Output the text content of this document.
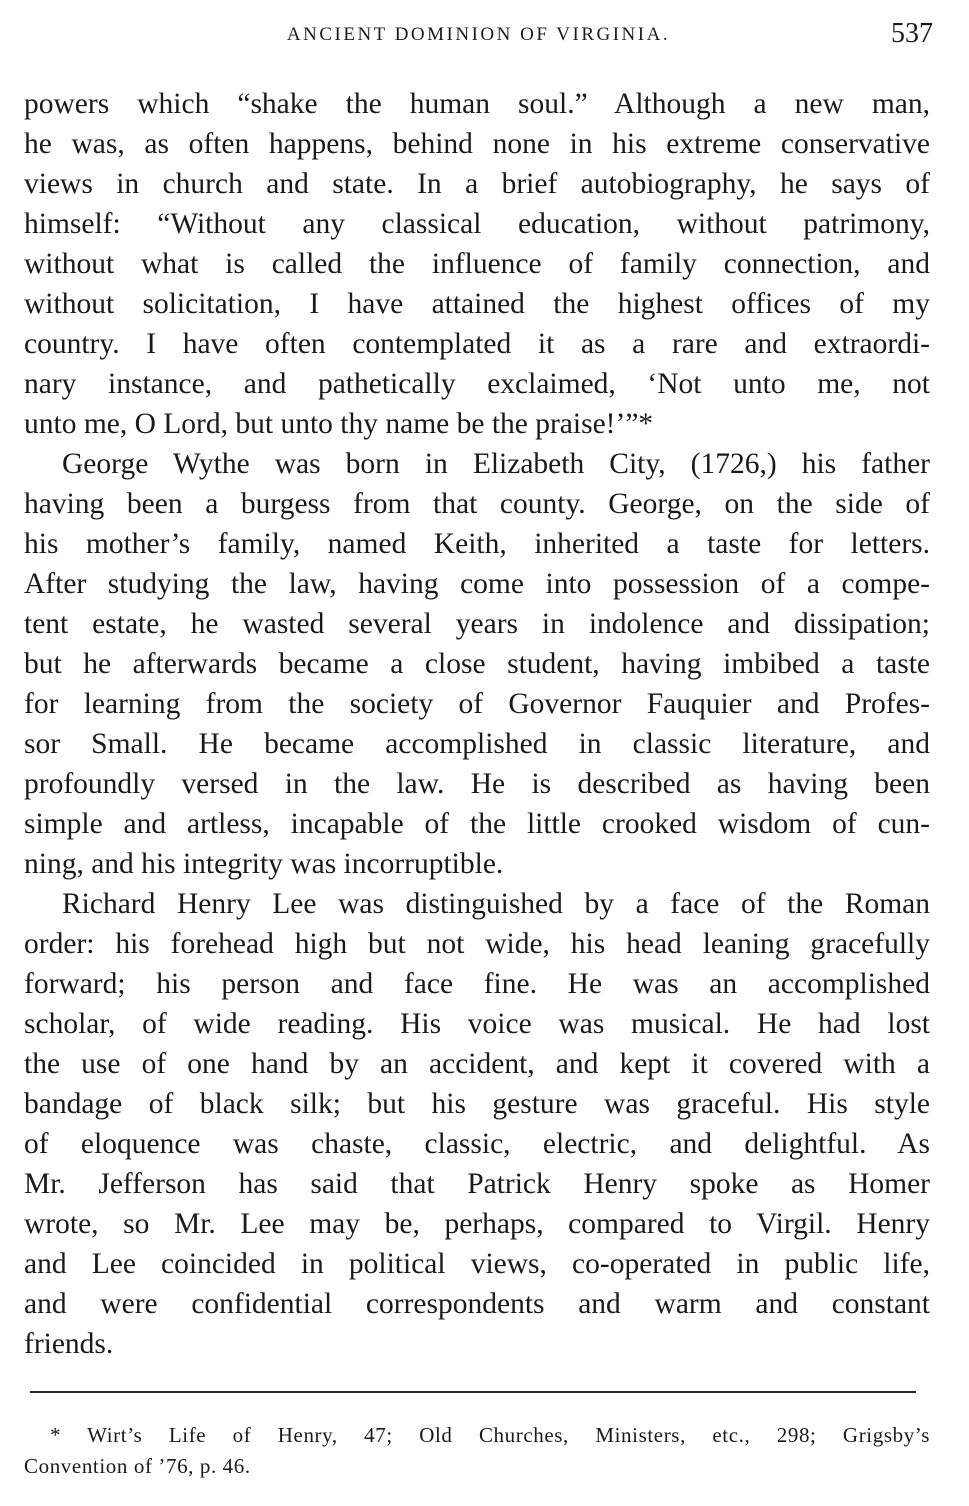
ANCIENT DOMINION OF VIRGINIA.	537
powers which “shake the human soul.” Although a new man,
he was, as often happens, behind none in his extreme conservative
views in church and state. In a brief autobiography, he says of
himself: “Without any classical education, without patrimony,
without what is called the influence of family connection, and
without solicitation, I have attained the highest offices of my
country. I have often contemplated it as a rare and extraordi-
nary instance, and pathetically exclaimed, ‘Not unto me, not
unto me, O Lord, but unto thy name be the praise!’”*
George Wythe was born in Elizabeth City, (1726,) his father
having been a burgess from that county. George, on the side of
his mother’s family, named Keith, inherited a taste for letters.
After studying the law, having come into possession of a compe-
tent estate, he wasted several years in indolence and dissipation;
but he afterwards became a close student, having imbibed a taste
for learning from the society of Governor Fauquier and Profes-
sor Small. He became accomplished in classic literature, and
profoundly versed in the law. He is described as having been
simple and artless, incapable of the little crooked wisdom of cun-
ning, and his integrity was incorruptible.
Richard Henry Lee was distinguished by a face of the Roman
order: his forehead high but not wide, his head leaning gracefully
forward; his person and face fine. He was an accomplished
scholar, of wide reading. His voice was musical. He had lost
the use of one hand by an accident, and kept it covered with a
bandage of black silk; but his gesture was graceful. His style
of eloquence was chaste, classic, electric, and delightful. As
Mr. Jefferson has said that Patrick Henry spoke as Homer
wrote, so Mr. Lee may be, perhaps, compared to Virgil. Henry
and Lee coincided in political views, co-operated in public life,
and were confidential correspondents and warm and constant
friends.
* Wirt’s Life of Henry, 47; Old Churches, Ministers, etc., 298; Grigsby’s
Convention of ’76, p. 46.
